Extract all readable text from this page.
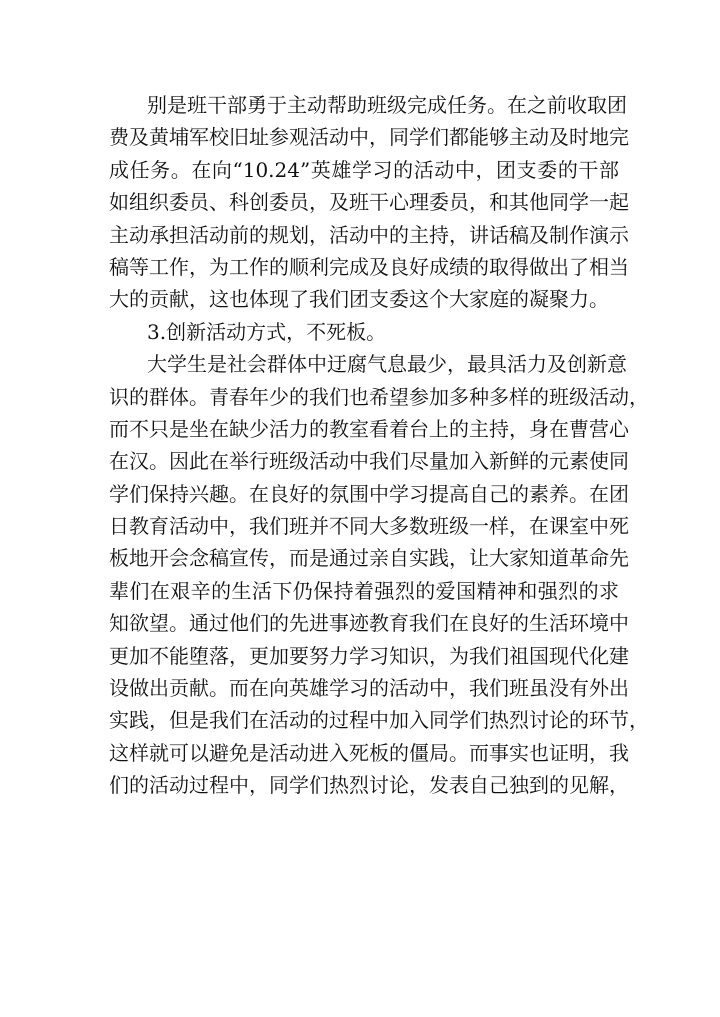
别是班干部勇于主动帮助班级完成任务。在之前收取团
费及黄埔军校旧址参观活动中，同学们都能够主动及时地完
成任务。在向“10.24”英雄学习的活动中，团支委的干部
如组织委员、科创委员，及班干心理委员，和其他同学一起
主动承担活动前的规划，活动中的主持，讲话稿及制作演示
稿等工作，为工作的顺利完成及良好成绩的取得做出了相当
大的贡献，这也体现了我们团支委这个大家庭的凝聚力。
3.创新活动方式，不死板。
大学生是社会群体中迂腐气息最少，最具活力及创新意
识的群体。青春年少的我们也希望参加多种多样的班级活动，
而不只是坐在缺少活力的教室看着台上的主持，身在曹营心
在汉。因此在举行班级活动中我们尽量加入新鲜的元素使同
学们保持兴趣。在良好的氛围中学习提高自己的素养。在团
日教育活动中，我们班并不同大多数班级一样，在课室中死
板地开会念稿宣传，而是通过亲自实践，让大家知道革命先
辈们在艰辛的生活下仍保持着强烈的爱国精神和强烈的求
知欲望。通过他们的先进事迹教育我们在良好的生活环境中
更加不能堕落，更加要努力学习知识，为我们祖国现代化建
设做出贡献。而在向英雄学习的活动中，我们班虽没有外出
实践，但是我们在活动的过程中加入同学们热烈讨论的环节，
这样就可以避免是活动进入死板的僵局。而事实也证明，我
们的活动过程中，同学们热烈讨论，发表自己独到的见解，
